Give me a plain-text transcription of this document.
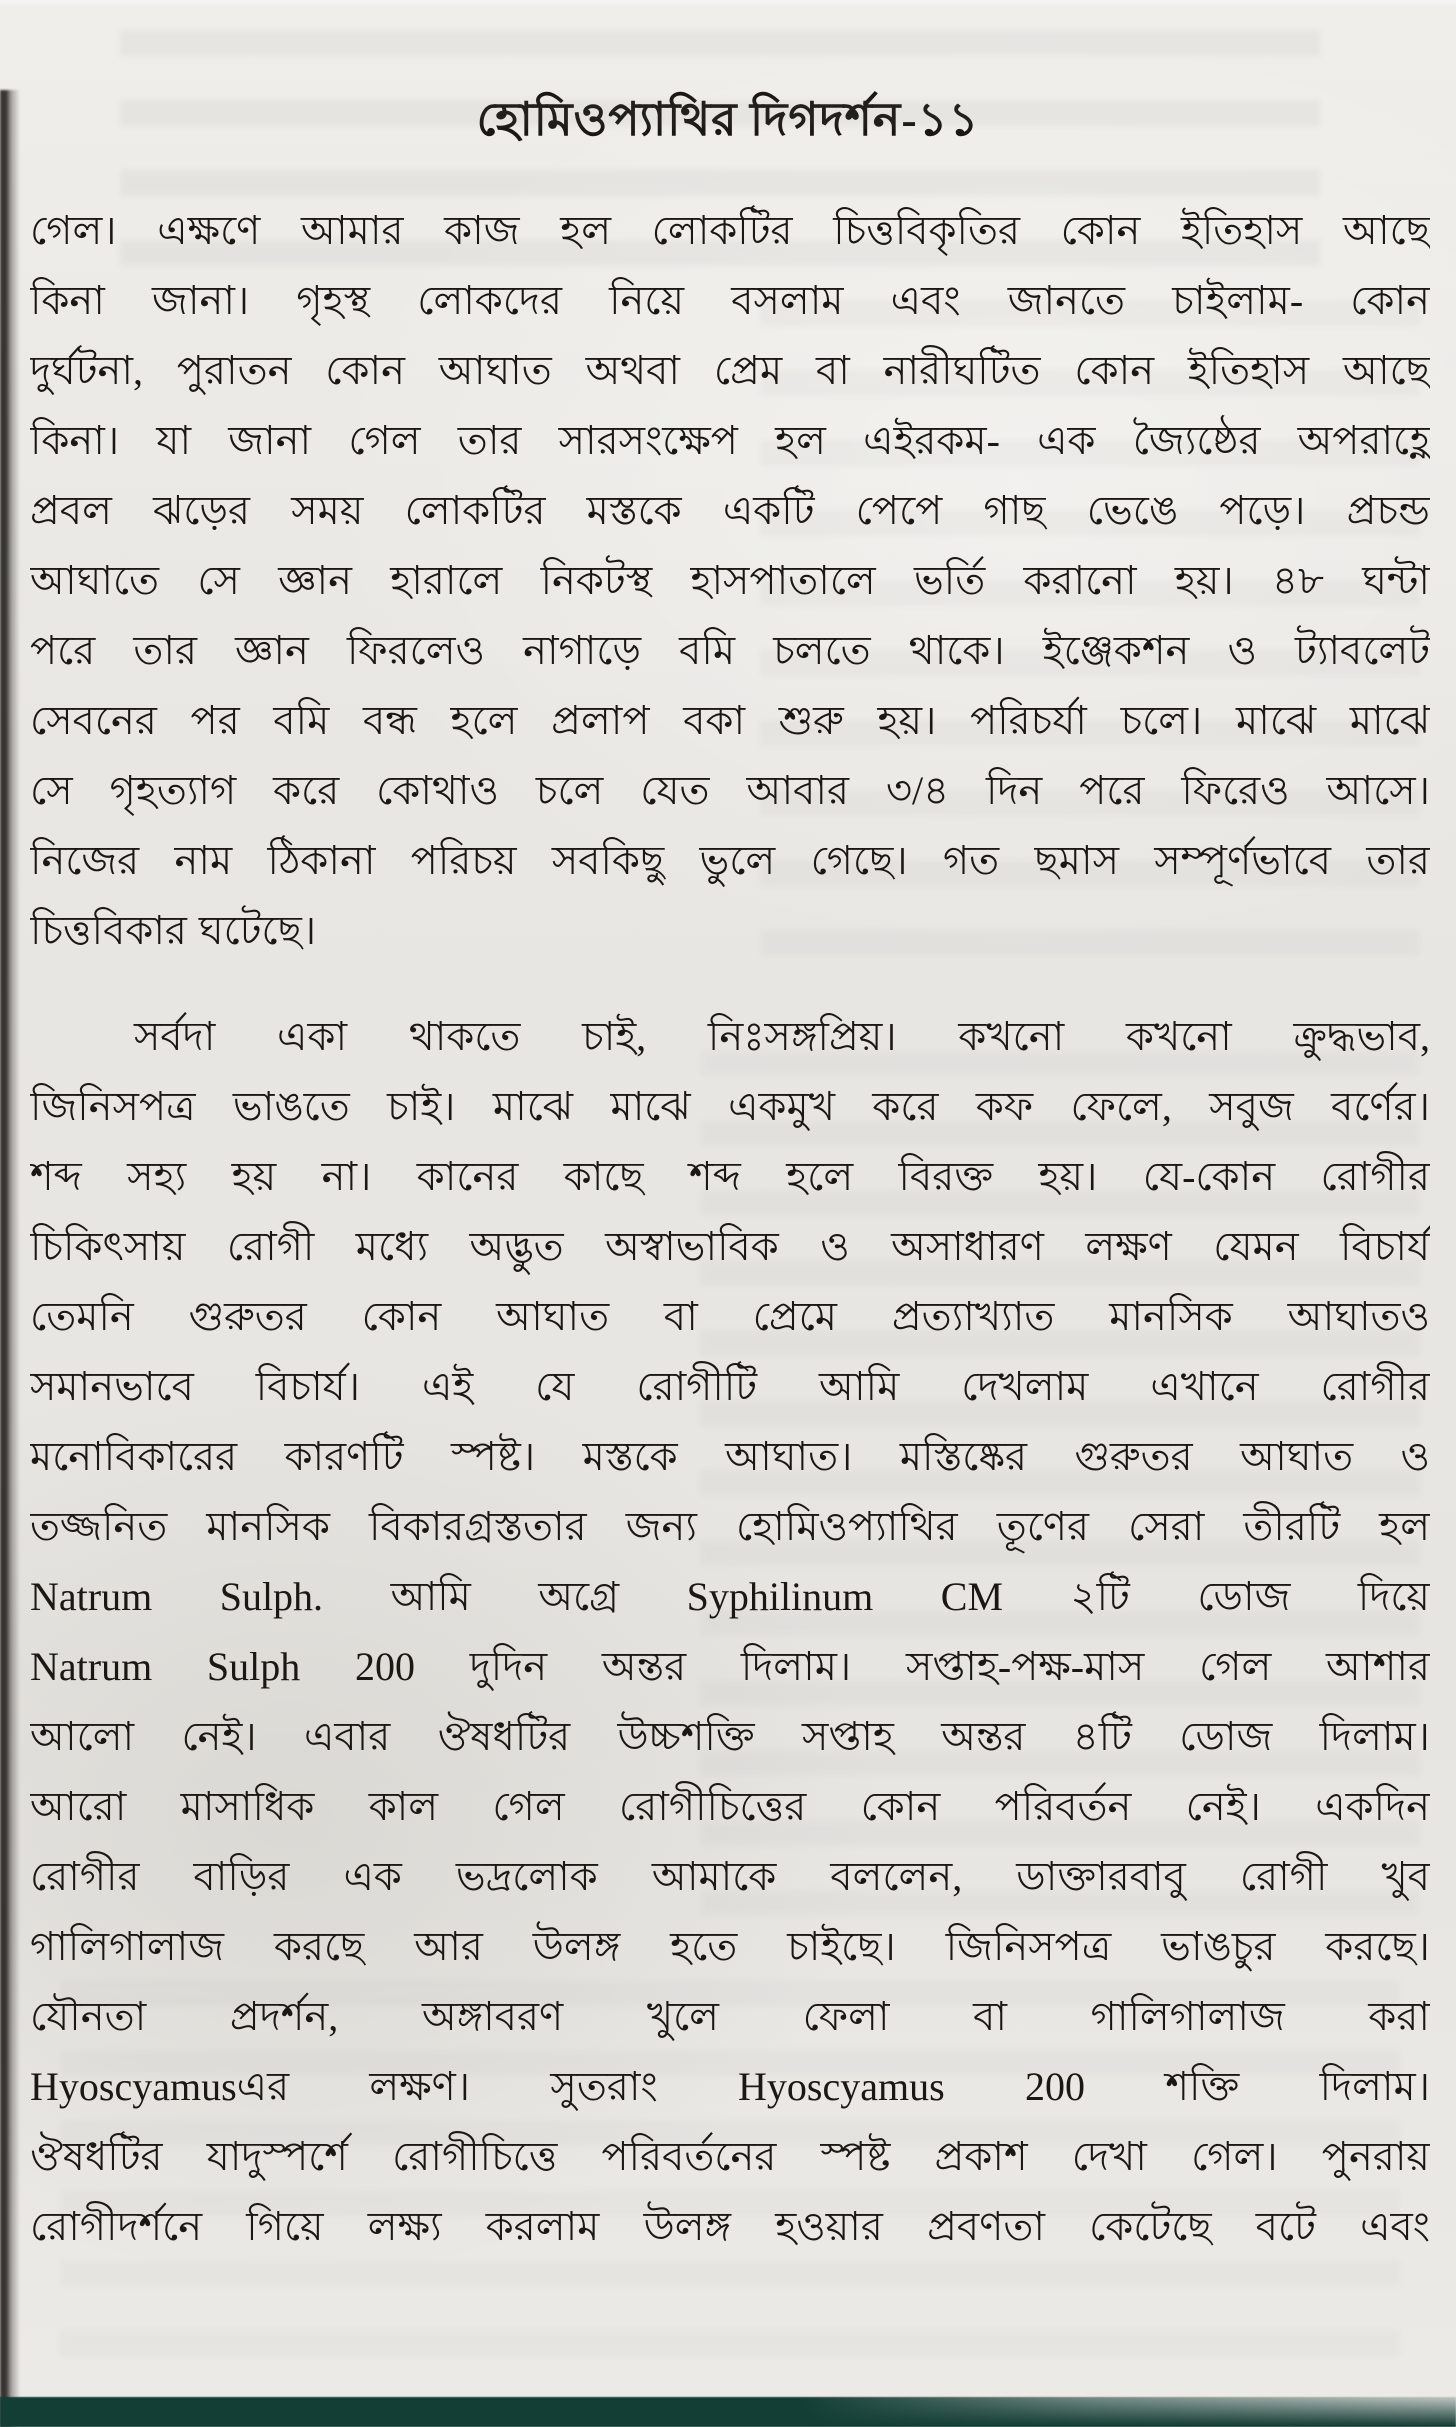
হোমিওপ্যাথির দিগদর্শন-১১
গেল। এক্ষণে আমার কাজ হল লোকটির চিত্তবিকৃতির কোন ইতিহাস আছে
কিনা জানা। গৃহস্থ লোকদের নিয়ে বসলাম এবং জানতে চাইলাম- কোন
দুর্ঘটনা, পুরাতন কোন আঘাত অথবা প্রেম বা নারীঘটিত কোন ইতিহাস আছে
কিনা। যা জানা গেল তার সারসংক্ষেপ হল এইরকম- এক জ্যৈষ্ঠের অপরাহ্ণে
প্রবল ঝড়ের সময় লোকটির মস্তকে একটি পেপে গাছ ভেঙে পড়ে। প্রচন্ড
আঘাতে সে জ্ঞান হারালে নিকটস্থ হাসপাতালে ভর্তি করানো হয়। ৪৮ ঘন্টা
পরে তার জ্ঞান ফিরলেও নাগাড়ে বমি চলতে থাকে। ইঞ্জেকশন ও ট্যাবলেট
সেবনের পর বমি বন্ধ হলে প্রলাপ বকা শুরু হয়। পরিচর্যা চলে। মাঝে মাঝে
সে গৃহত্যাগ করে কোথাও চলে যেত আবার ৩/৪ দিন পরে ফিরেও আসে।
নিজের নাম ঠিকানা পরিচয় সবকিছু ভুলে গেছে। গত ছমাস সম্পূর্ণভাবে তার
চিত্তবিকার ঘটেছে।
সর্বদা একা থাকতে চাই, নিঃসঙ্গপ্রিয়। কখনো কখনো ক্রুদ্ধভাব,
জিনিসপত্র ভাঙতে চাই। মাঝে মাঝে একমুখ করে কফ ফেলে, সবুজ বর্ণের।
শব্দ সহ্য হয় না। কানের কাছে শব্দ হলে বিরক্ত হয়। যে-কোন রোগীর
চিকিৎসায় রোগী মধ্যে অদ্ভুত অস্বাভাবিক ও অসাধারণ লক্ষণ যেমন বিচার্য
তেমনি গুরুতর কোন আঘাত বা প্রেমে প্রত্যাখ্যাত মানসিক আঘাতও
সমানভাবে বিচার্য। এই যে রোগীটি আমি দেখলাম এখানে রোগীর
মনোবিকারের কারণটি স্পষ্ট। মস্তকে আঘাত। মস্তিষ্কের গুরুতর আঘাত ও
তজ্জনিত মানসিক বিকারগ্রস্ততার জন্য হোমিওপ্যাথির তূণের সেরা তীরটি হল
Natrum Sulph. আমি অগ্রে Syphilinum CM ২টি ডোজ দিয়ে
Natrum Sulph 200 দুদিন অন্তর দিলাম। সপ্তাহ-পক্ষ-মাস গেল আশার
আলো নেই। এবার ঔষধটির উচ্চশক্তি সপ্তাহ অন্তর ৪টি ডোজ দিলাম।
আরো মাসাধিক কাল গেল রোগীচিত্তের কোন পরিবর্তন নেই। একদিন
রোগীর বাড়ির এক ভদ্রলোক আমাকে বললেন, ডাক্তারবাবু রোগী খুব
গালিগালাজ করছে আর উলঙ্গ হতে চাইছে। জিনিসপত্র ভাঙচুর করছে।
যৌনতা প্রদর্শন, অঙ্গাবরণ খুলে ফেলা বা গালিগালাজ করা
Hyoscyamusএর লক্ষণ। সুতরাং Hyoscyamus 200 শক্তি দিলাম।
ঔষধটির যাদুস্পর্শে রোগীচিত্তে পরিবর্তনের স্পষ্ট প্রকাশ দেখা গেল। পুনরায়
রোগীদর্শনে গিয়ে লক্ষ্য করলাম উলঙ্গ হওয়ার প্রবণতা কেটেছে বটে এবং
